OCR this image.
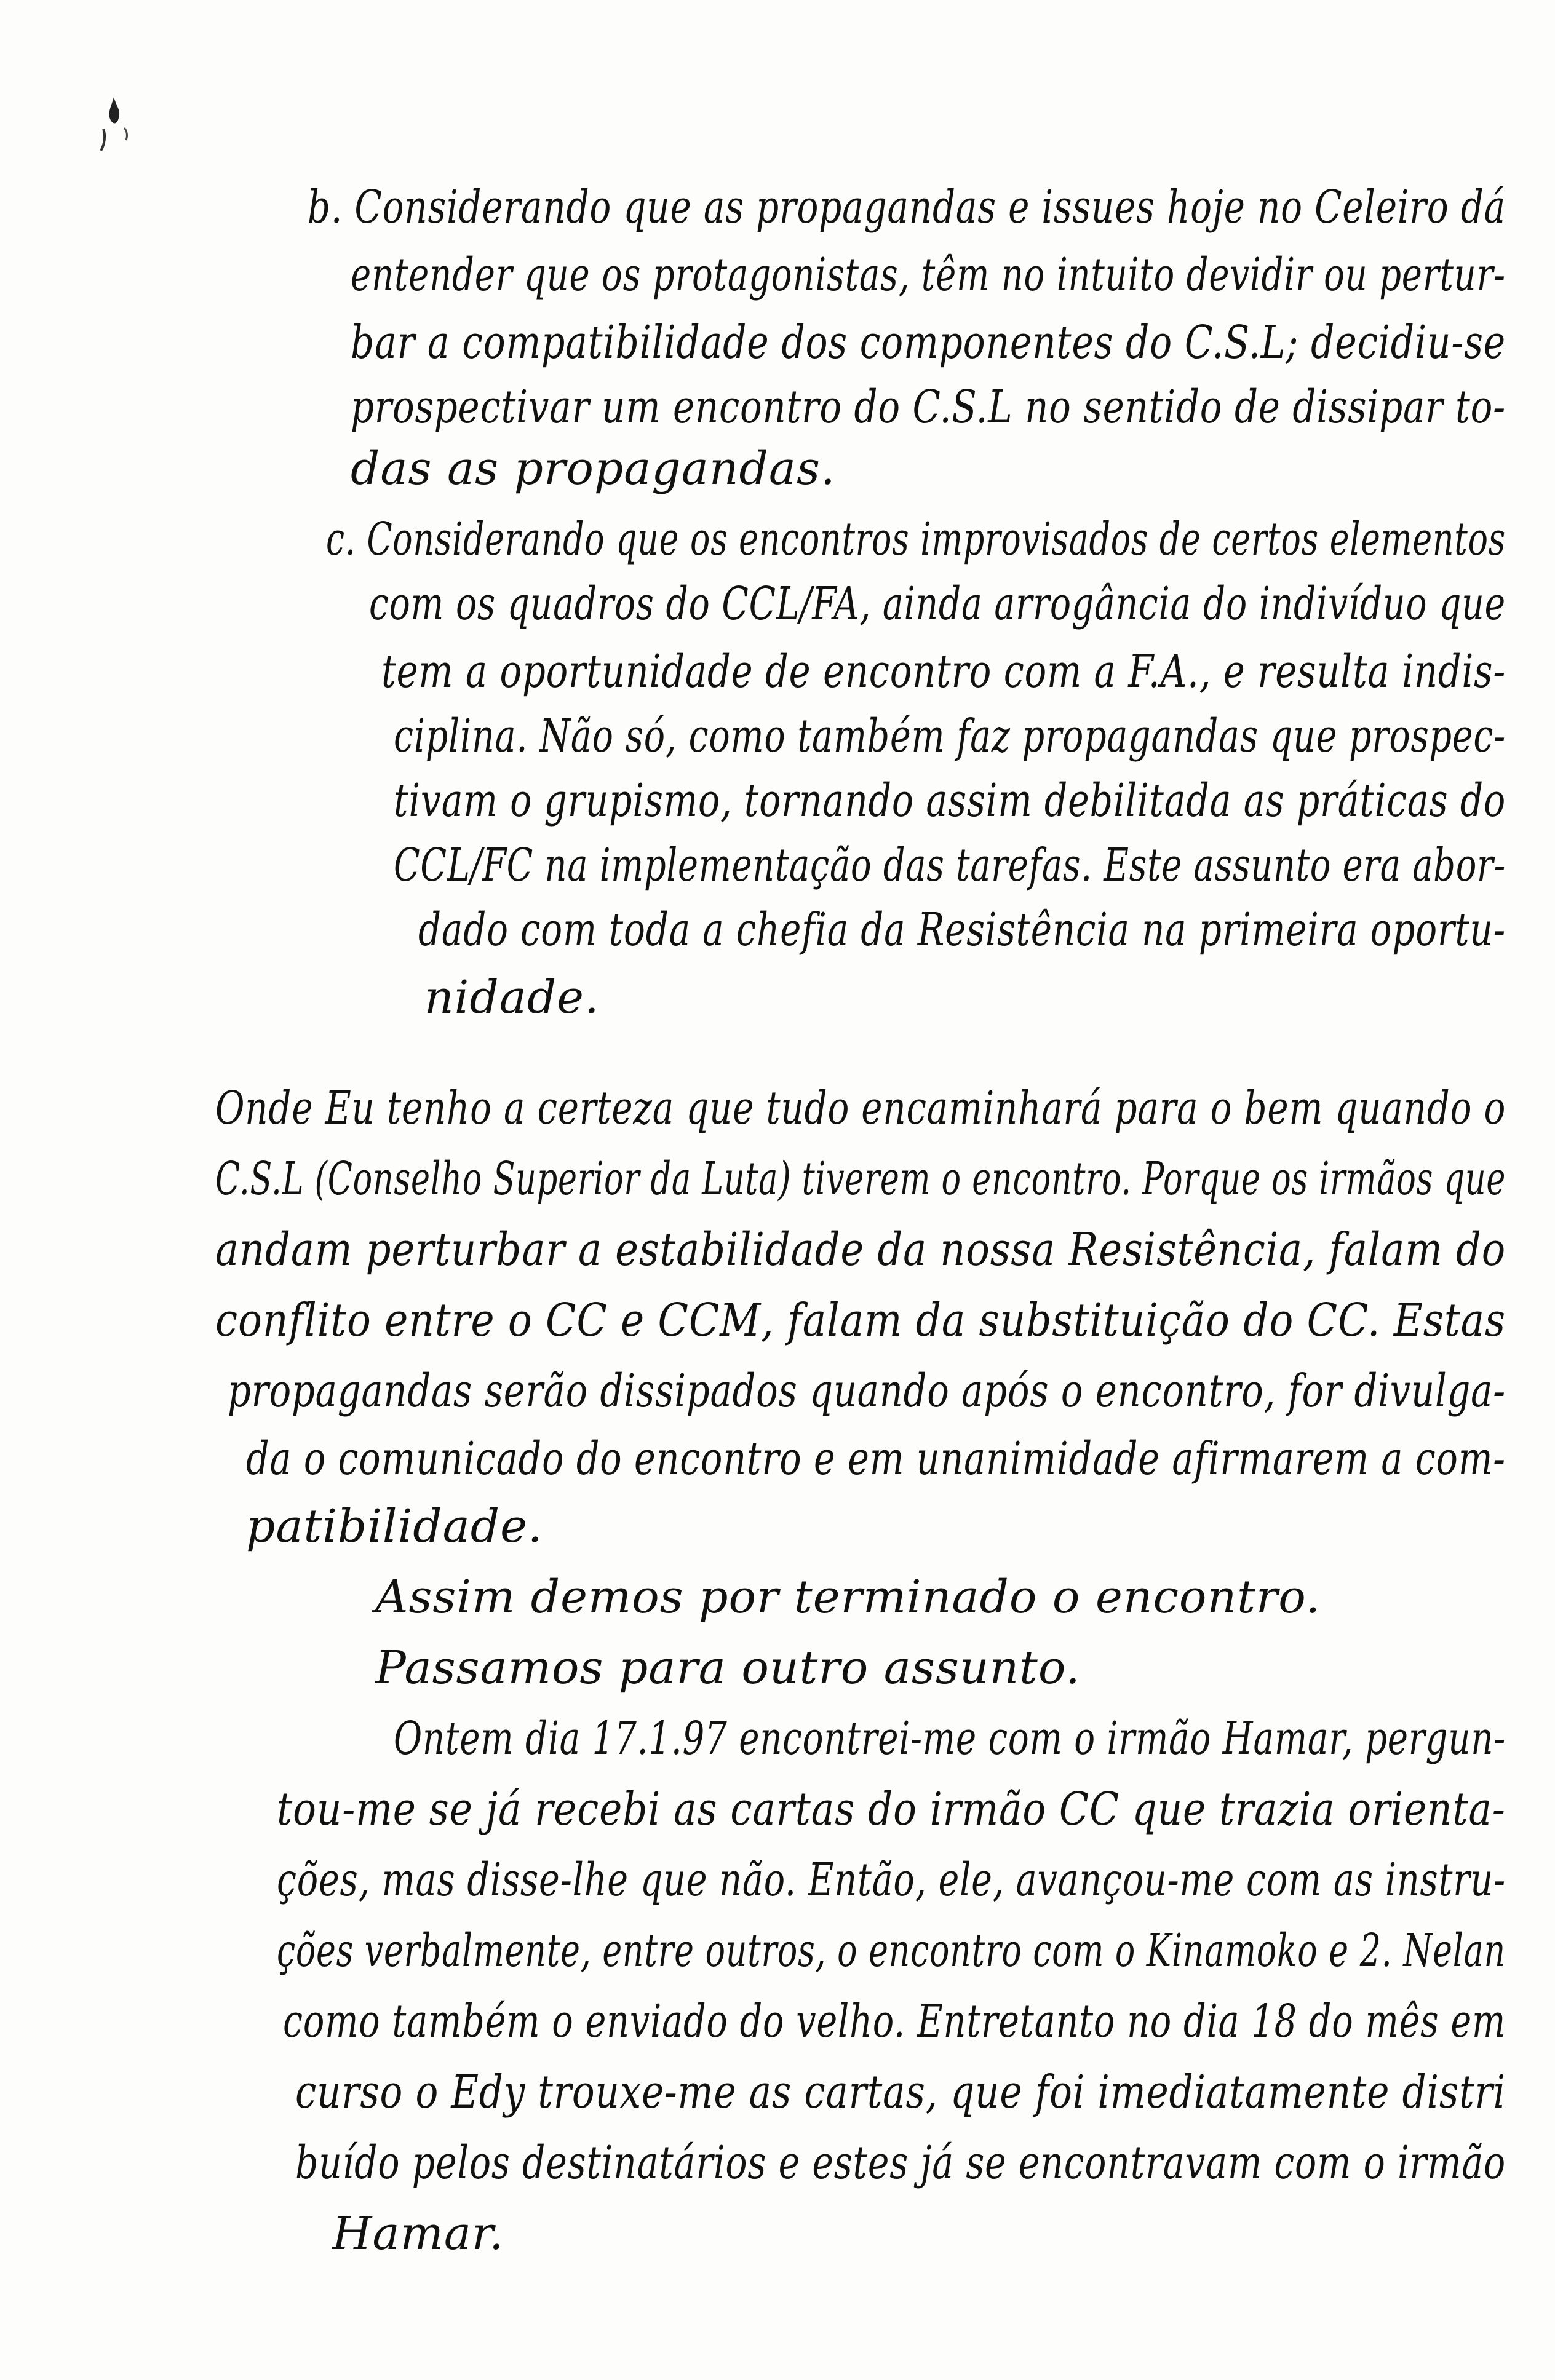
b. Considerando que as propagandas e issues hoje no Celeiro dá
entender que os protagonistas, têm no intuito devidir ou pertur-
bar a compatibilidade dos componentes do C.S.L; decidiu-se
prospectivar um encontro do C.S.L no sentido de dissipar to-
das as propagandas.
c. Considerando que os encontros improvisados de certos elementos
com os quadros do CCL/FA, ainda arrogância do indivíduo que
tem a oportunidade de encontro com a F.A., e resulta indis-
ciplina. Não só, como também faz propagandas que prospec-
tivam o grupismo, tornando assim debilitada as práticas do
CCL/FC na implementação das tarefas. Este assunto era abor-
dado com toda a chefia da Resistência na primeira oportu-
nidade.
Onde Eu tenho a certeza que tudo encaminhará para o bem quando o
C.S.L (Conselho Superior da Luta) tiverem o encontro. Porque os irmãos que
andam perturbar a estabilidade da nossa Resistência, falam do
conflito entre o CC e CCM, falam da substituição do CC. Estas
propagandas serão dissipados quando após o encontro, for divulga-
da o comunicado do encontro e em unanimidade afirmarem a com-
patibilidade.
Assim demos por terminado o encontro.
Passamos para outro assunto.
Ontem dia 17.1.97 encontrei-me com o irmão Hamar, pergun-
tou-me se já recebi as cartas do irmão CC que trazia orienta-
ções, mas disse-lhe que não. Então, ele, avançou-me com as instru-
ções verbalmente, entre outros, o encontro com o Kinamoko e 2. Nelan
como também o enviado do velho. Entretanto no dia 18 do mês em
curso o Edy trouxe-me as cartas, que foi imediatamente distri
buído pelos destinatários e estes já se encontravam com o irmão
Hamar.
